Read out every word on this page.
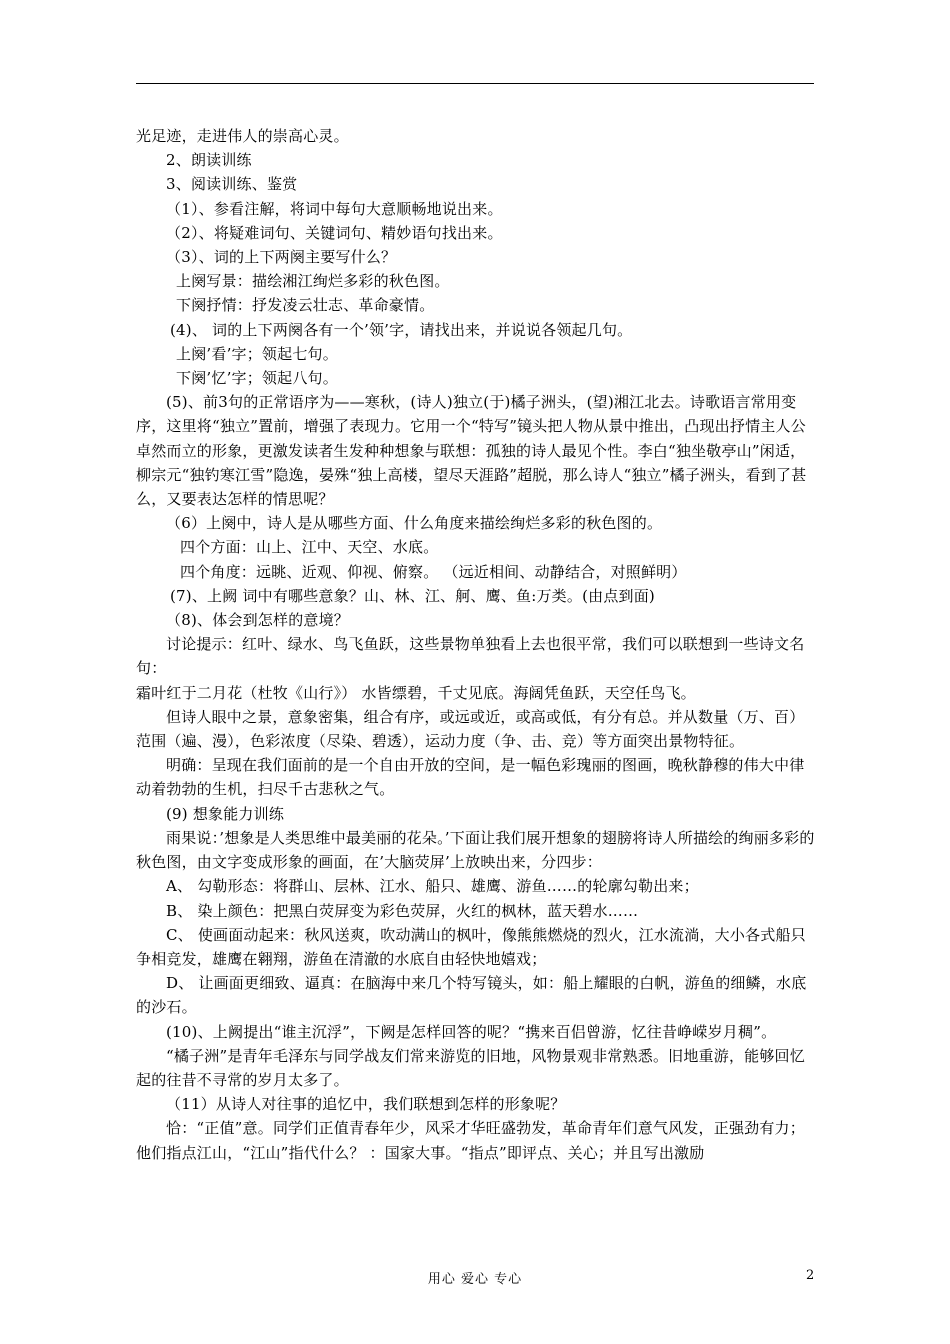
光足迹，走进伟人的崇高心灵。

2、朗读训练

3、阅读训练、鉴赏

（1）、参看注解，将词中每句大意顺畅地说出来。

（2）、将疑难词句、关键词句、精妙语句找出来。

（3）、词的上下两阕主要写什么？

上阕写景：描绘湘江绚烂多彩的秋色图。

下阕抒情：抒发凌云壮志、革命豪情。

(4)、 词的上下两阕各有一个’领’字，请找出来，并说说各领起几句。

上阕’看’字；领起七句。

下阕’忆’字；领起八句。

(5)、前3句的正常语序为——寒秋，(诗人)独立(于)橘子洲头，(望)湘江北去。诗歌语言常用变序，这里将“独立”置前，增强了表现力。它用一个“特写”镜头把人物从景中推出，凸现出抒情主人公卓然而立的形象，更激发读者生发种种想象与联想：孤独的诗人最见个性。李白“独坐敬亭山”闲适，柳宗元“独钓寒江雪”隐逸，晏殊“独上高楼，望尽天涯路”超脱，那么诗人“独立”橘子洲头，看到了甚么，又要表达怎样的情思呢？

（6）上阕中，诗人是从哪些方面、什么角度来描绘绚烂多彩的秋色图的。

四个方面：山上、江中、天空、水底。

四个角度：远眺、近观、仰视、俯察。 （远近相间、动静结合，对照鲜明）

(7)、上阙 词中有哪些意象？山、林、江、舸、鹰、鱼:万类。(由点到面)

（8)、体会到怎样的意境？

讨论提示：红叶、绿水、鸟飞鱼跃，这些景物单独看上去也很平常，我们可以联想到一些诗文名句：

霜叶红于二月花（杜牧《山行》） 水皆缥碧，千丈见底。海阔凭鱼跃，天空任鸟飞。

但诗人眼中之景，意象密集，组合有序，或远或近，或高或低，有分有总。并从数量（万、百）范围（遍、漫），色彩浓度（尽染、碧透），运动力度（争、击、竞）等方面突出景物特征。

明确：呈现在我们面前的是一个自由开放的空间，是一幅色彩瑰丽的图画，晚秋静穆的伟大中律动着勃勃的生机，扫尽千古悲秋之气。

(9) 想象能力训练

雨果说：’想象是人类思维中最美丽的花朵。’下面让我们展开想象的翅膀将诗人所描绘的绚丽多彩的秋色图，由文字变成形象的画面，在’大脑荧屏’上放映出来，分四步：

A、 勾勒形态：将群山、层林、江水、船只、雄鹰、游鱼……的轮廓勾勒出来；

B、 染上颜色：把黑白荧屏变为彩色荧屏，火红的枫林，蓝天碧水……

C、 使画面动起来：秋风送爽，吹动满山的枫叶，像熊熊燃烧的烈火，江水流淌，大小各式船只争相竞发，雄鹰在翱翔，游鱼在清澈的水底自由轻快地嬉戏；

D、 让画面更细致、逼真：在脑海中来几个特写镜头，如：船上耀眼的白帆，游鱼的细鳞，水底的沙石。

(10)、上阙提出“谁主沉浮”，下阙是怎样回答的呢？“携来百侣曾游，忆往昔峥嵘岁月稠”。

“橘子洲”是青年毛泽东与同学战友们常来游览的旧地，风物景观非常熟悉。旧地重游，能够回忆起的往昔不寻常的岁月太多了。

（11）从诗人对往事的追忆中，我们联想到怎样的形象呢？

恰：“正值”意。同学们正值青春年少，风采才华旺盛勃发，革命青年们意气风发，正强劲有力；他们指点江山，“江山”指代什么？ ：国家大事。“指点”即评点、关心；并且写出激励

用心 爱心 专心	2
